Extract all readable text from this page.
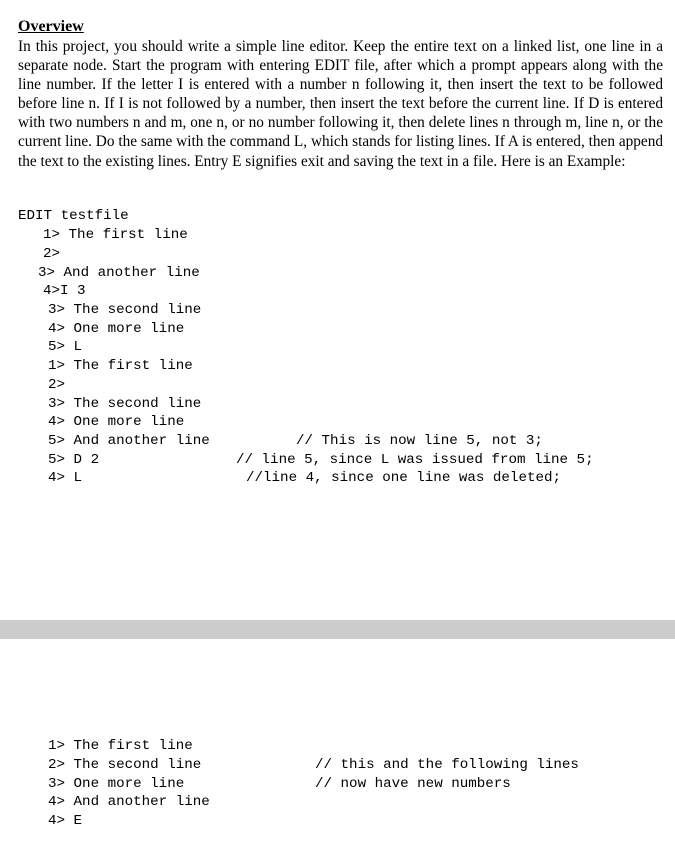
Overview

In this project, you should write a simple line editor. Keep the entire text on a linked list, one line in a separate node. Start the program with entering EDIT file, after which a prompt appears along with the line number. If the letter I is entered with a number n following it, then insert the text to be followed before line n. If I is not followed by a number, then insert the text before the current line. If D is entered with two numbers n and m, one n, or no number following it, then delete lines n through m, line n, or the current line. Do the same with the command L, which stands for listing lines. If A is entered, then append the text to the existing lines. Entry E signifies exit and saving the text in a file. Here is an Example:

EDIT testfile

1> The first line

2>

3> And another line

4>I 3

3> The second line

4> One more line

5> L

1> The first line

2>

3> The second line

4> One more line

5> And another line

5> D 2

4> L

// This is now line 5, not 3;

// line 5, since L was issued from line 5;

//line 4, since one line was deleted;

1> The first line

2> The second line

3> One more line

4> And another line

4> E

// this and the following lines

// now have new numbers
